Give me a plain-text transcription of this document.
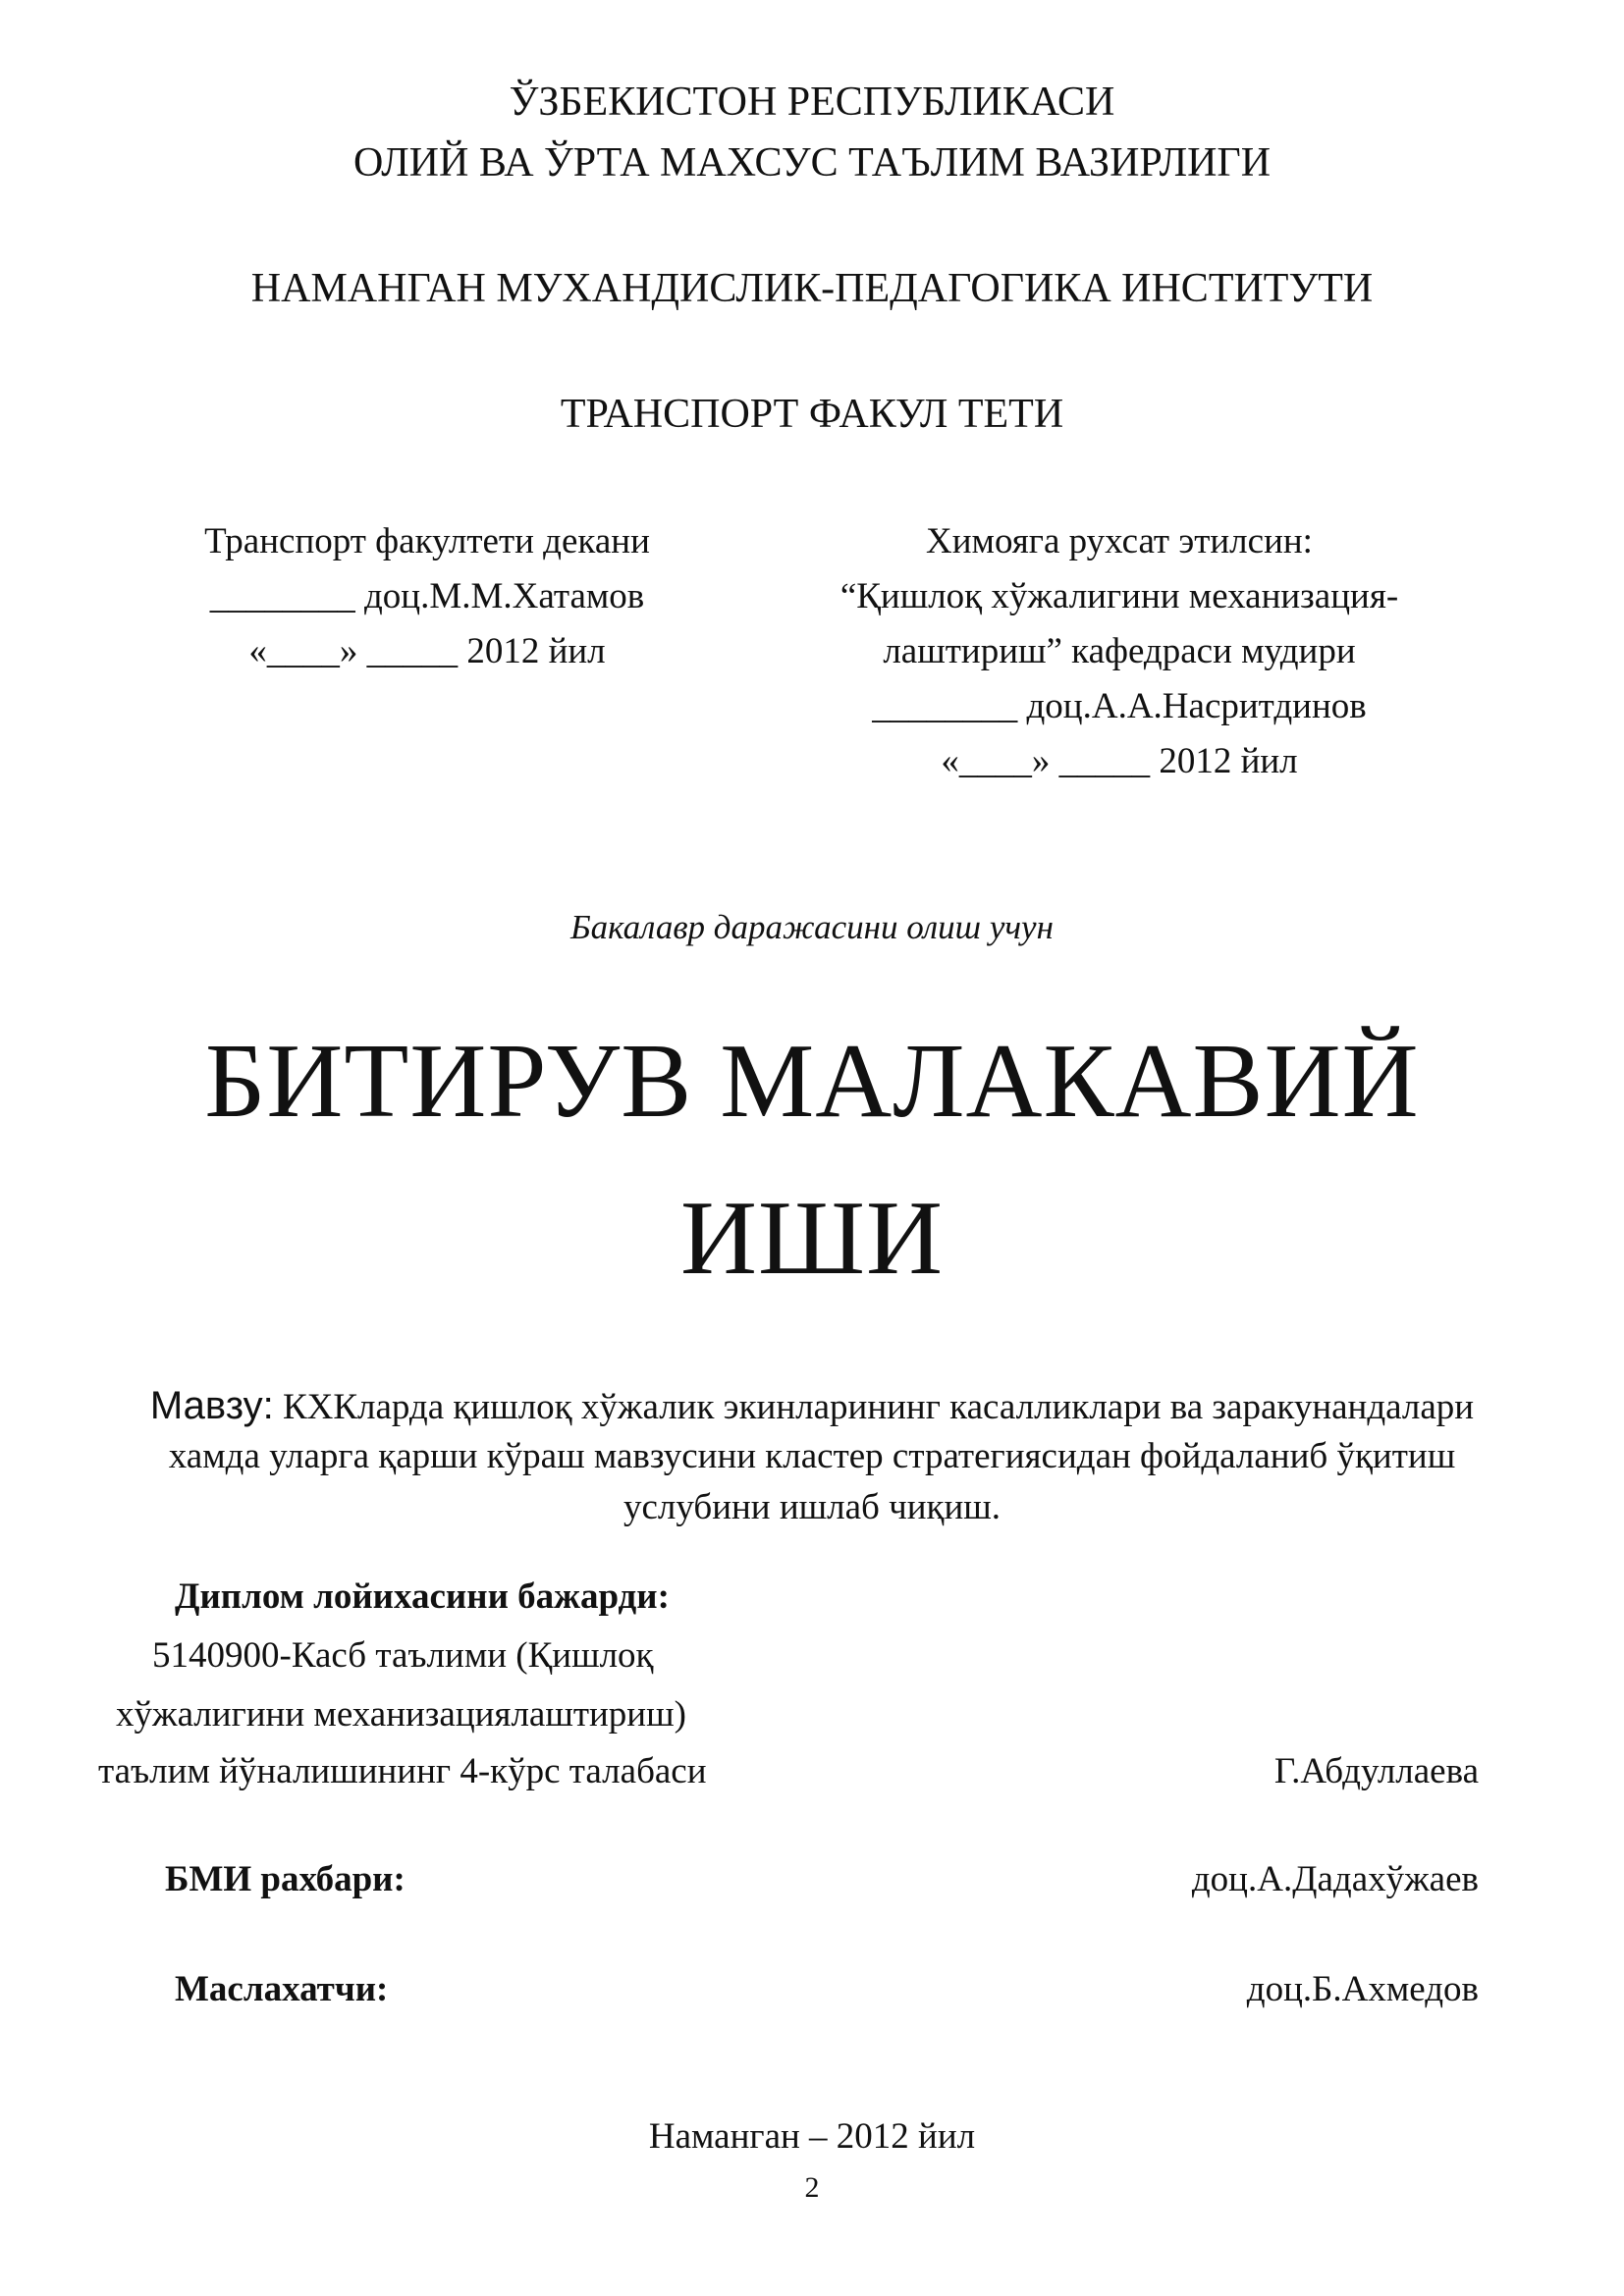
ЎЗБЕКИСТОН РЕСПУБЛИКАСИ
ОЛИЙ ВА ЎРТА МАХСУС ТАЪЛИМ ВАЗИРЛИГИ
НАМАНГАН МУХАНДИСЛИК-ПЕДАГОГИКА ИНСТИТУТИ
ТРАНСПОРТ ФАКУЛ ТЕТИ
Транспорт факултети декани
________ доц.М.М.Хатамов
«____» _____ 2012 йил
Химояга рухсат этилсин:
“Қишлоқ хўжалигини механизация-
лаштириш” кафедраси мудири
________ доц.А.А.Насритдинов
«____» _____ 2012 йил
Бакалавр даражасини олиш учун
БИТИРУВ МАЛАКАВИЙ
ИШИ
Мавзу: КХКларда қишлоқ хўжалик экинларининг касалликлари ва заракунандалари
хамда уларга қарши кўраш мавзусини кластер стратегиясидан фойдаланиб ўқитиш
услубини ишлаб чиқиш.
Диплом лойихасини бажарди:
5140900-Касб таълими (Қишлоқ
хўжалигини механизациялаштириш)
таълим йўналишининг 4-кўрс талабаси	Г.Абдуллаева
БМИ рахбари:	доц.А.Дадахўжаев
Маслахатчи:	доц.Б.Ахмедов
Наманган – 2012 йил
2
